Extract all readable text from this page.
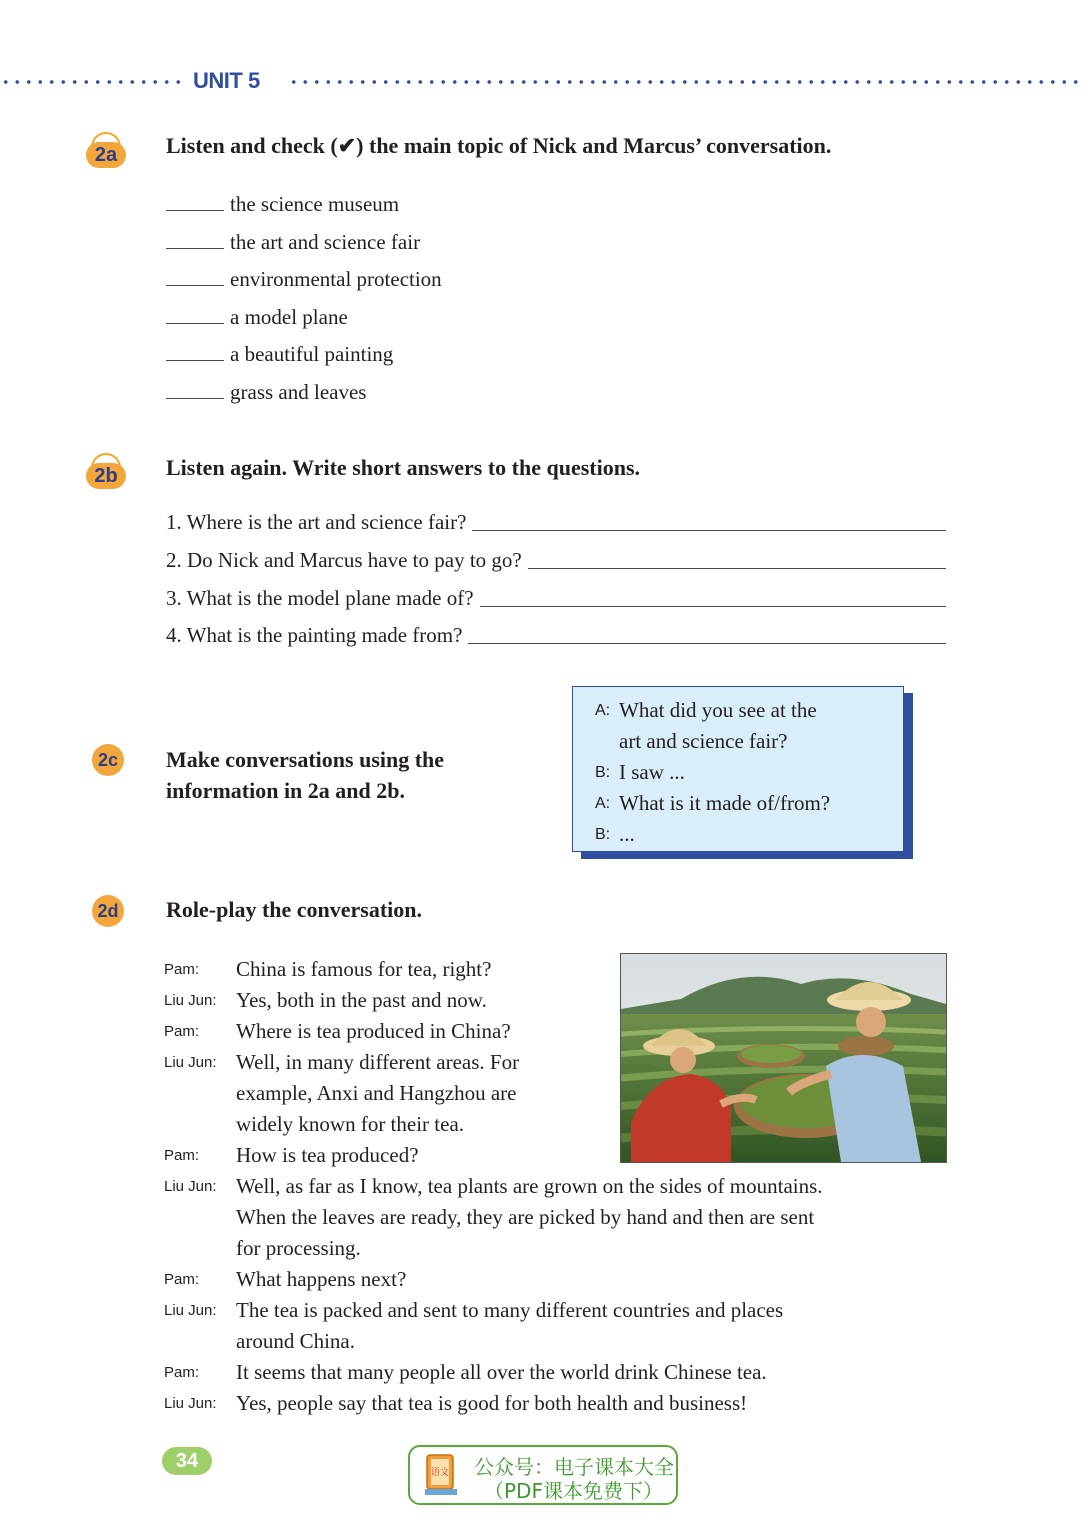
UNIT 5
2a	Listen and check (✔) the main topic of Nick and Marcus’ conversation.
the science museum
the art and science fair
environmental protection
a model plane
a beautiful painting
grass and leaves
2b	Listen again. Write short answers to the questions.
1. Where is the art and science fair?
2. Do Nick and Marcus have to pay to go?
3. What is the model plane made of?
4. What is the painting made from?
2c Make conversations using the
information in 2a and 2b.
A: What did you see at the
art and science fair?
B: I saw ...
A: What is it made of/from?
B: ...
2d Role-play the conversation.
Pam: China is famous for tea, right?
Liu Jun: Yes, both in the past and now.
Pam: Where is tea produced in China?
Liu Jun: Well, in many different areas. For
example, Anxi and Hangzhou are
widely known for their tea.
Pam: How is tea produced?
Liu Jun: Well, as far as I know, tea plants are grown on the sides of mountains.
When the leaves are ready, they are picked by hand and then are sent
for processing.
Pam: What happens next?
Liu Jun: The tea is packed and sent to many different countries and places
around China.
Pam: It seems that many people all over the world drink Chinese tea.
Liu Jun: Yes, people say that tea is good for both health and business!
34
语文 公众号：电子课本大全
（PDF课本免费下）
